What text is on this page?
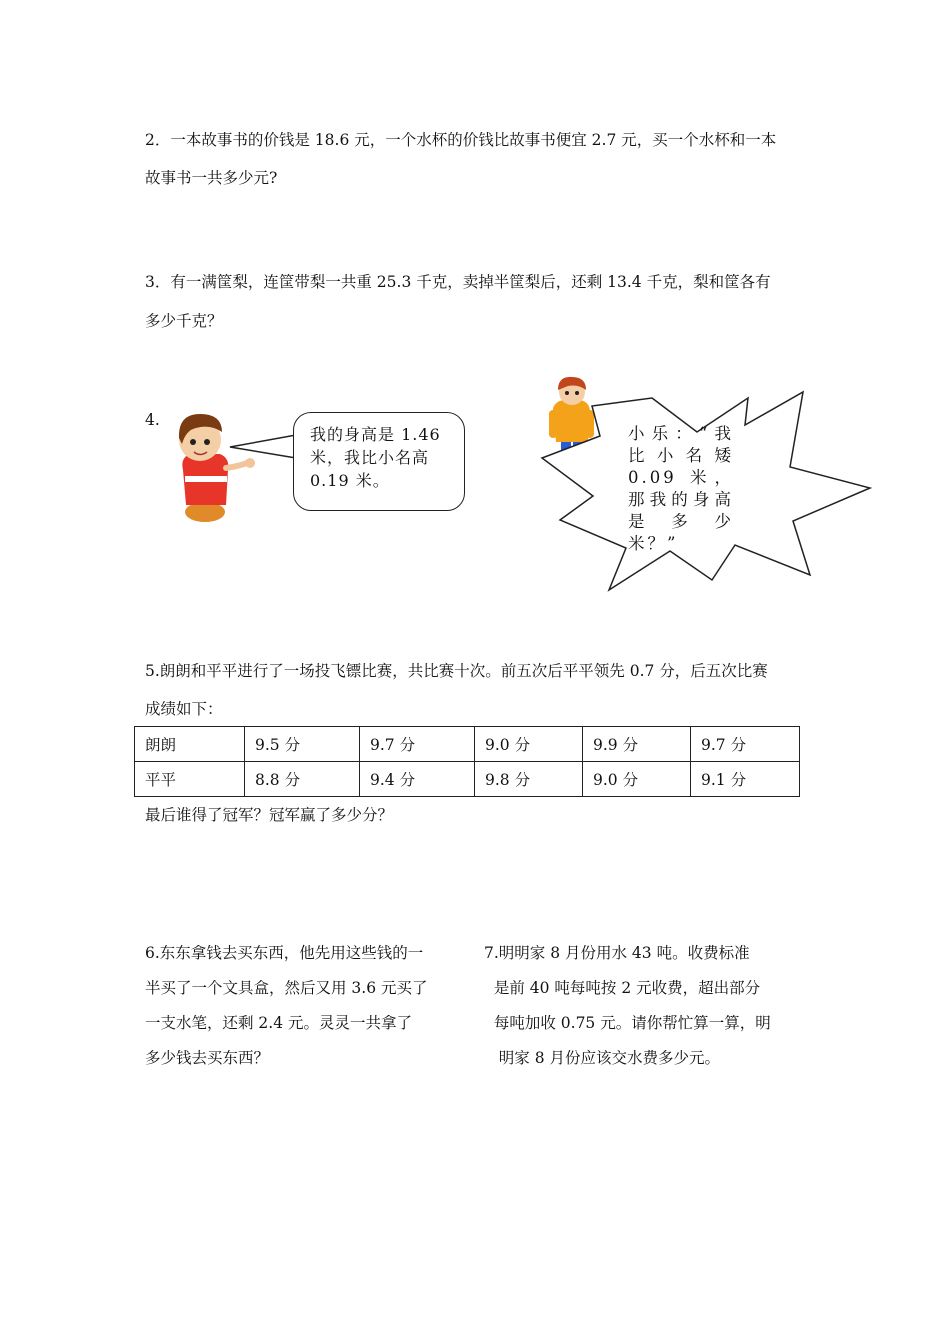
2．一本故事书的价钱是 18.6 元，一个水杯的价钱比故事书便宜 2.7 元，买一个水杯和一本
故事书一共多少元?
3．有一满筐梨，连筐带梨一共重 25.3 千克，卖掉半筐梨后，还剩 13.4 千克，梨和筐各有
多少千克？
4.
我的身高是 1.46 米，我比小名高 0.19 米。
小乐：“我比小名矮 0.09 米，那我的身高是多少米？”
5.朗朗和平平进行了一场投飞镖比赛，共比赛十次。前五次后平平领先 0.7 分，后五次比赛
成绩如下：
朗朗	9.5 分	9.7 分	9.0 分	9.9 分	9.7 分
平平	8.8 分	9.4 分	9.8 分	9.0 分	9.1 分
最后谁得了冠军？冠军赢了多少分？
6.东东拿钱去买东西，他先用这些钱的一
半买了一个文具盒，然后又用 3.6 元买了
一支水笔，还剩 2.4 元。灵灵一共拿了
多少钱去买东西？
7.明明家 8 月份用水 43 吨。收费标准
是前 40 吨每吨按 2 元收费，超出部分
每吨加收 0.75 元。请你帮忙算一算，明
明家 8 月份应该交水费多少元。
